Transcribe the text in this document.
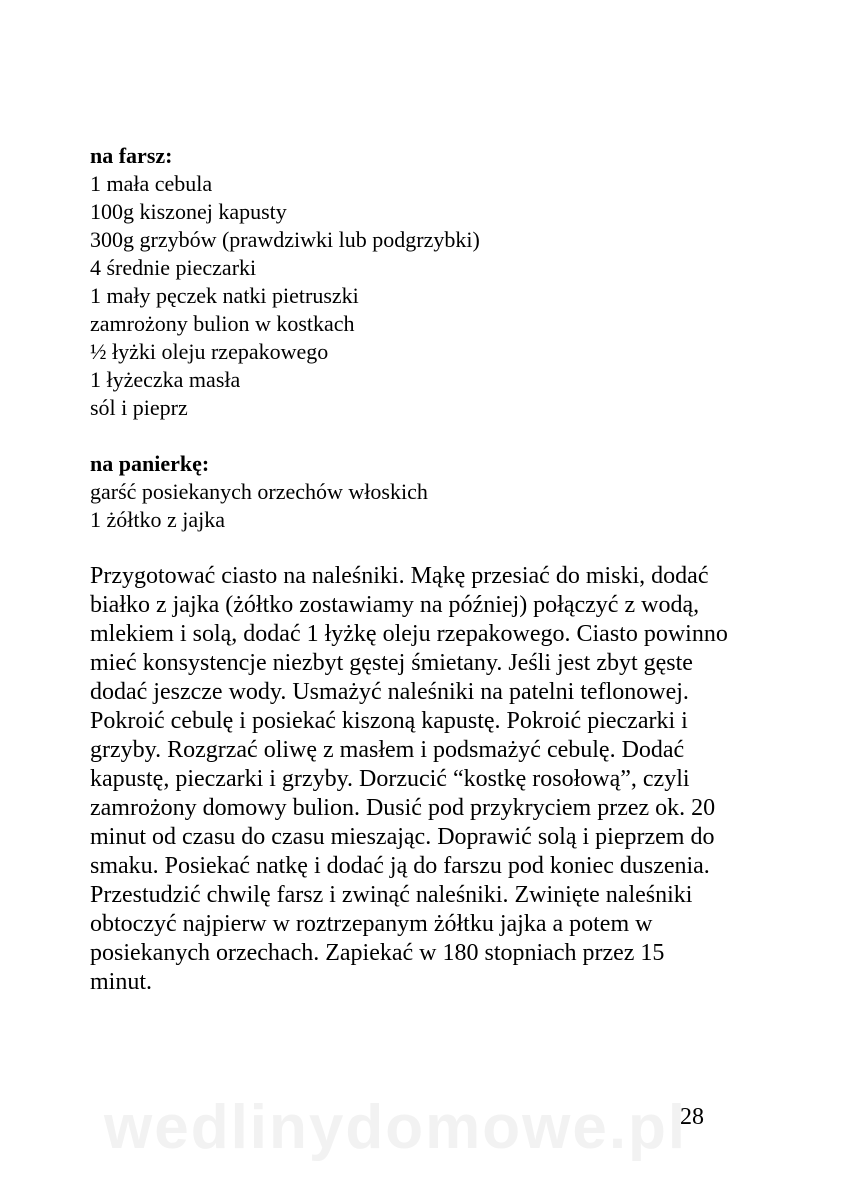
na farsz:

1 mała cebula
100g kiszonej kapusty
300g grzybów (prawdziwki lub podgrzybki)
4 średnie pieczarki
1 mały pęczek natki pietruszki
zamrożony bulion w kostkach
½ łyżki oleju rzepakowego
1 łyżeczka masła
sól i pieprz

na panierkę:

garść posiekanych orzechów włoskich
1 żółtko z jajka

Przygotować ciasto na naleśniki. Mąkę przesiać do miski, dodać białko z jajka (żółtko zostawiamy na później) połączyć z wodą, mlekiem i solą, dodać 1 łyżkę oleju rzepakowego. Ciasto powinno mieć konsystencje niezbyt gęstej śmietany. Jeśli jest zbyt gęste dodać jeszcze wody. Usmażyć naleśniki na patelni teflonowej.

Pokroić cebulę i posiekać kiszoną kapustę. Pokroić pieczarki i grzyby. Rozgrzać oliwę z masłem i podsmażyć cebulę. Dodać kapustę, pieczarki i grzyby. Dorzucić “kostkę rosołową”, czyli zamrożony domowy bulion. Dusić pod przykryciem przez ok. 20 minut od czasu do czasu mieszając. Doprawić solą i pieprzem do smaku. Posiekać natkę i dodać ją do farszu pod koniec duszenia. Przestudzić chwilę farsz i zwinąć naleśniki. Zwinięte naleśniki obtoczyć najpierw w roztrzepanym żółtku jajka a potem w posiekanych orzechach. Zapiekać w 180 stopniach przez 15 minut.

wedlinydomowe.pl
28
